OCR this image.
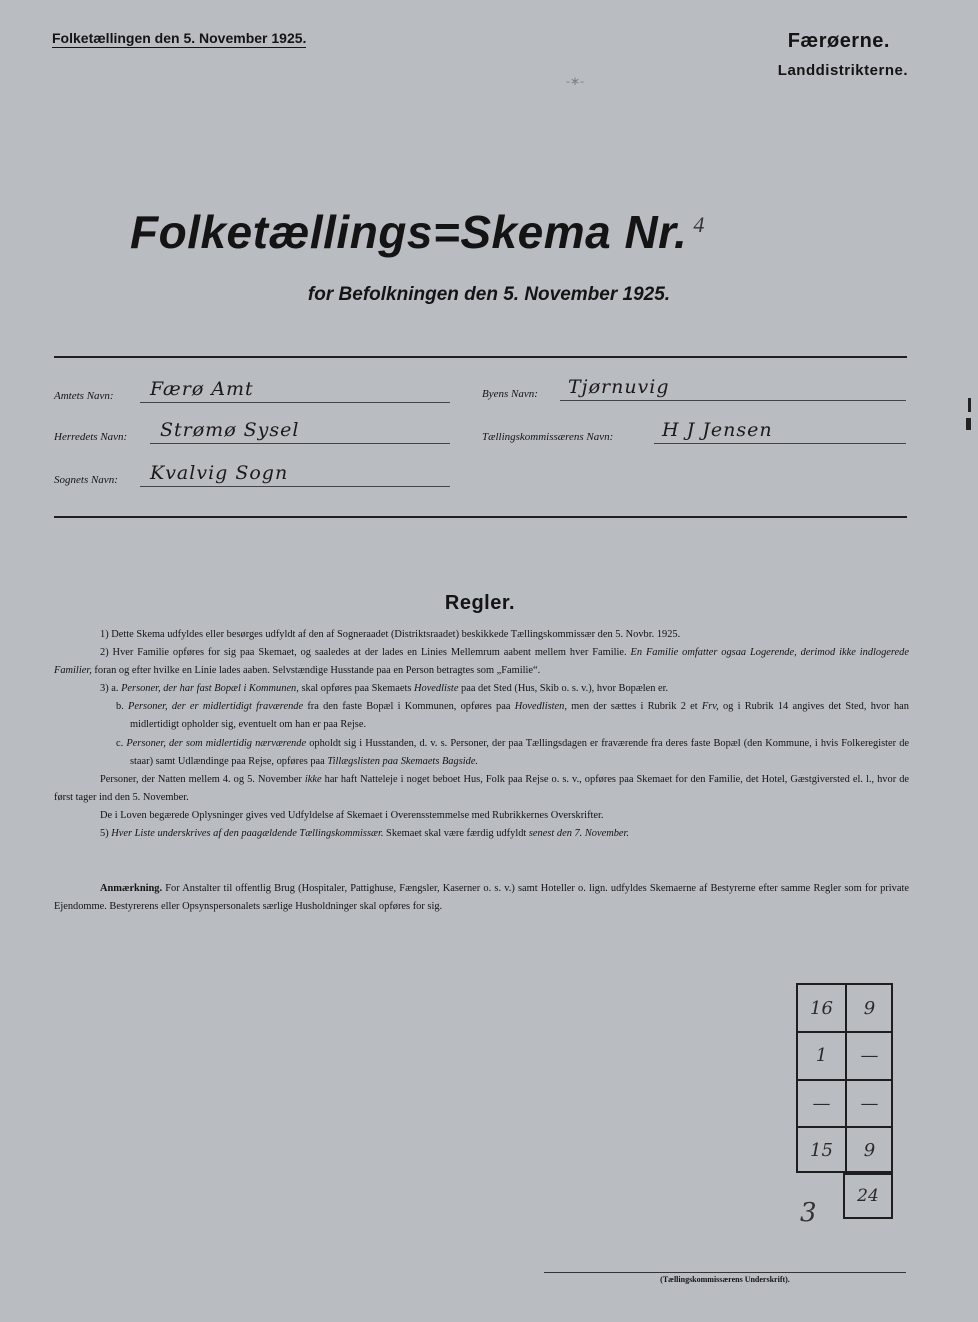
Folketællingen den 5. November 1925.	Færøerne.
Landdistrikterne.
-∗-
Folketællings=Skema Nr. $^4$
for Befolkningen den 5. November 1925.
Amtets Navn: Færø Amt	Byens Navn: Tjørnuvig
Herredets Navn: Strømø Sysel	Tællingskommissærens Navn:	H J Jensen
Sognets Navn: Kvalvig Sogn
Regler.

1) Dette Skema udfyldes eller besørges udfyldt af den af Sogneraadet (Distriktsraadet) beskikkede Tællingskommissær den 5. Novbr. 1925.

2) Hver Familie opføres for sig paa Skemaet, og saaledes at der lades en Linies Mellemrum aabent mellem hver Familie. En Familie omfatter ogsaa Logerende, derimod ikke indlogerede Familier, foran og efter hvilke en Linie lades aaben. Selvstændige Husstande paa en Person betragtes som „Familie“.

3) a. Personer, der har fast Bopæl i Kommunen, skal opføres paa Skemaets Hovedliste paa det Sted (Hus, Skib o. s. v.), hvor Bopælen er.

b. Personer, der er midlertidigt fraværende fra den faste Bopæl i Kommunen, opføres paa Hovedlisten, men der sættes i Rubrik 2 et Frv, og i Rubrik 14 angives det Sted, hvor han midlertidigt opholder sig, eventuelt om han er paa Rejse.

c. Personer, der som midlertidig nærværende opholdt sig i Husstanden, d. v. s. Personer, der paa Tællingsdagen er fraværende fra deres faste Bopæl (den Kommune, i hvis Folkeregister de staar) samt Udlændinge paa Rejse, opføres paa Tillægslisten paa Skemaets Bagside.

Personer, der Natten mellem 4. og 5. November ikke har haft Natteleje i noget beboet Hus, Folk paa Rejse o. s. v., opføres paa Skemaet for den Familie, det Hotel, Gæstgiversted el. l., hvor de først tager ind den 5. November.

De i Loven begærede Oplysninger gives ved Udfyldelse af Skemaet i Overensstemmelse med Rubrikkernes Overskrifter.

5) Hver Liste underskrives af den paagældende Tællingskommissær. Skemaet skal være færdig udfyldt senest den 7. November.

Anmærkning. For Anstalter til offentlig Brug (Hospitaler, Pattighuse, Fængsler, Kaserner o. s. v.) samt Hoteller o. lign. udfyldes Skemaerne af Bestyrerne efter samme Regler som for private Ejendomme. Bestyrerens eller Opsynspersonalets særlige Husholdninger skal opføres for sig.
16	9
1	—
—	—
15	9
24
3
(Tællingskommissærens Underskrift).
